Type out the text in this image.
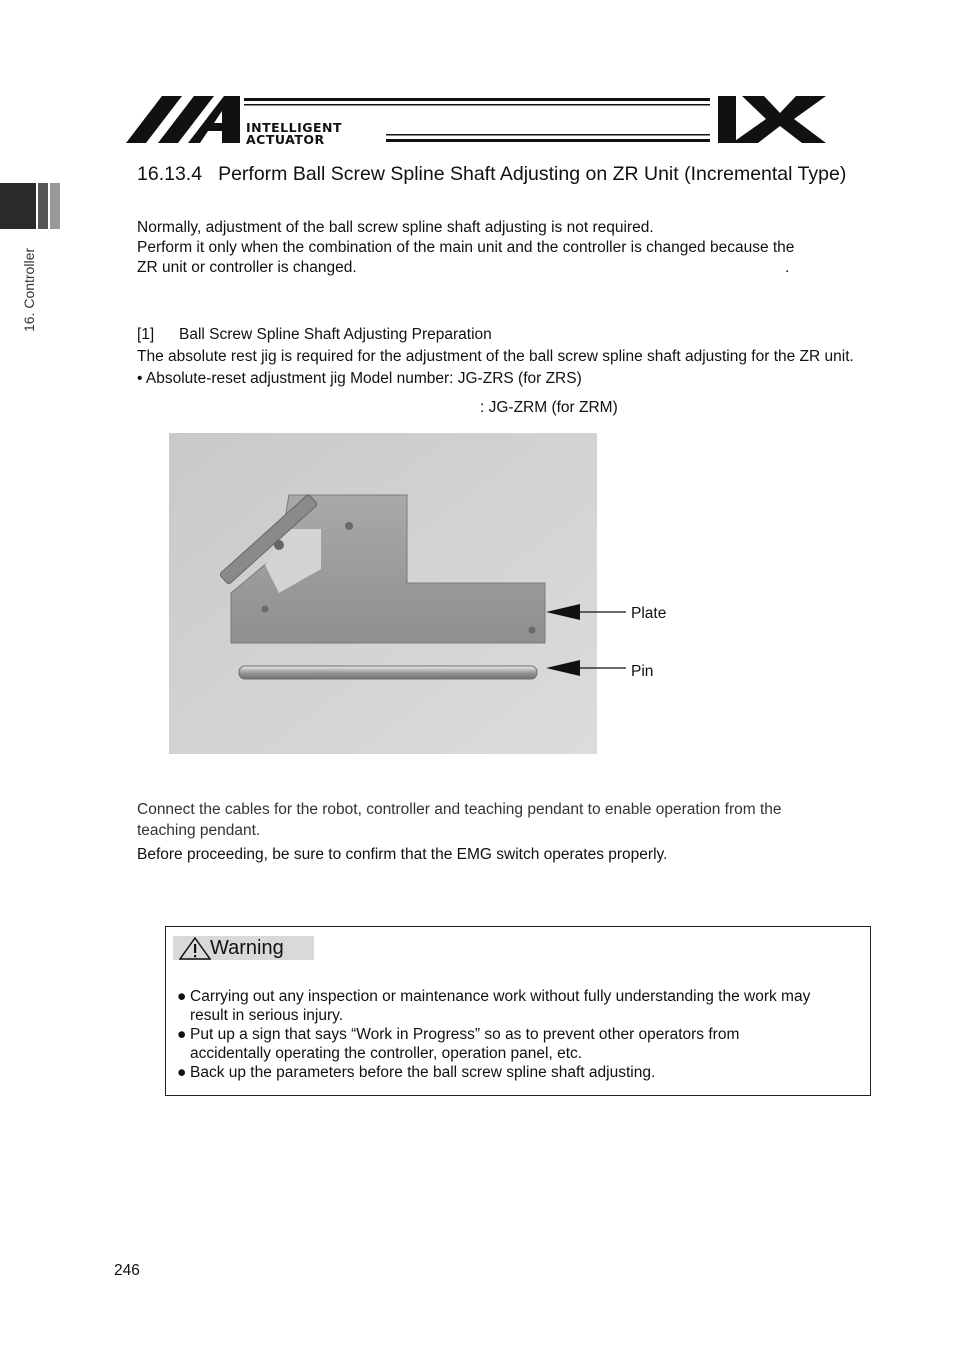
16. Controller
INTELLIGENT
ACTUATOR
16.13.4 Perform Ball Screw Spline Shaft Adjusting on ZR Unit (Incremental Type)
Normally, adjustment of the ball screw spline shaft adjusting is not required.
Perform it only when the combination of the main unit and the controller is changed because the
ZR unit or controller is changed.	.
[1] Ball Screw Spline Shaft Adjusting Preparation
The absolute rest jig is required for the adjustment of the ball screw spline shaft adjusting for the ZR unit.
• Absolute-reset adjustment jig Model number: JG-ZRS (for ZRS)
: JG-ZRM (for ZRM)
Plate
Pin
Connect the cables for the robot, controller and teaching pendant to enable operation from the
teaching pendant.
Before proceeding, be sure to confirm that the EMG switch operates properly.
Warning
● Carrying out any inspection or maintenance work without fully understanding the work may
result in serious injury.
● Put up a sign that says “Work in Progress” so as to prevent other operators from
accidentally operating the controller, operation panel, etc.
● Back up the parameters before the ball screw spline shaft adjusting.
246
